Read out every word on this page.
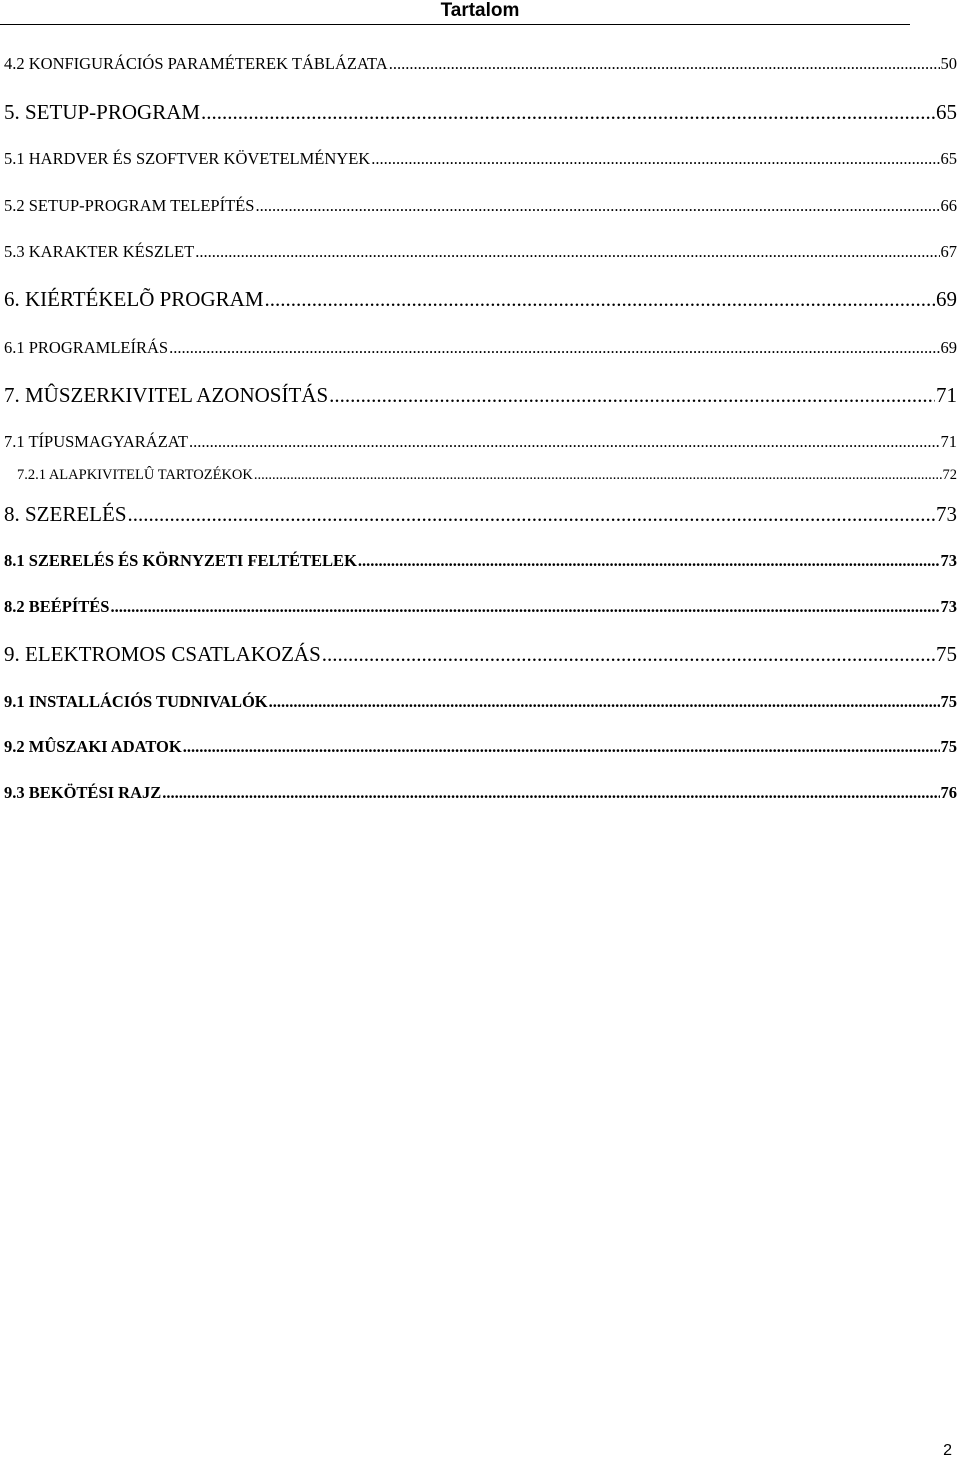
Tartalom
4.2 KONFIGURÁCIÓS PARAMÉTEREK TÁBLÁZATA .....	50
5. SETUP-PROGRAM .....	65
5.1 HARDVER ÉS SZOFTVER KÖVETELMÉNYEK .....	65
5.2 SETUP-PROGRAM TELEPÍTÉS .....	66
5.3 KARAKTER KÉSZLET .....	67
6. KIÉRTÉKELÕ PROGRAM .....	69
6.1 PROGRAMLEÍRÁS .....	69
7. MÛSZERKIVITEL AZONOSÍTÁS .....	71
7.1 TÍPUSMAGYARÁZAT .....	71
7.2.1 ALAPKIVITELÛ TARTOZÉKOK .....	72
8. SZERELÉS .....	73
8.1 SZERELÉS ÉS KÖRNYZETI FELTÉTELEK .....	73
8.2 BEÉPÍTÉS .....	73
9. ELEKTROMOS CSATLAKOZÁS .....	75
9.1 INSTALLÁCIÓS TUDNIVALÓK .....	75
9.2 MÛSZAKI ADATOK .....	75
9.3 BEKÖTÉSI RAJZ .....	76
2
